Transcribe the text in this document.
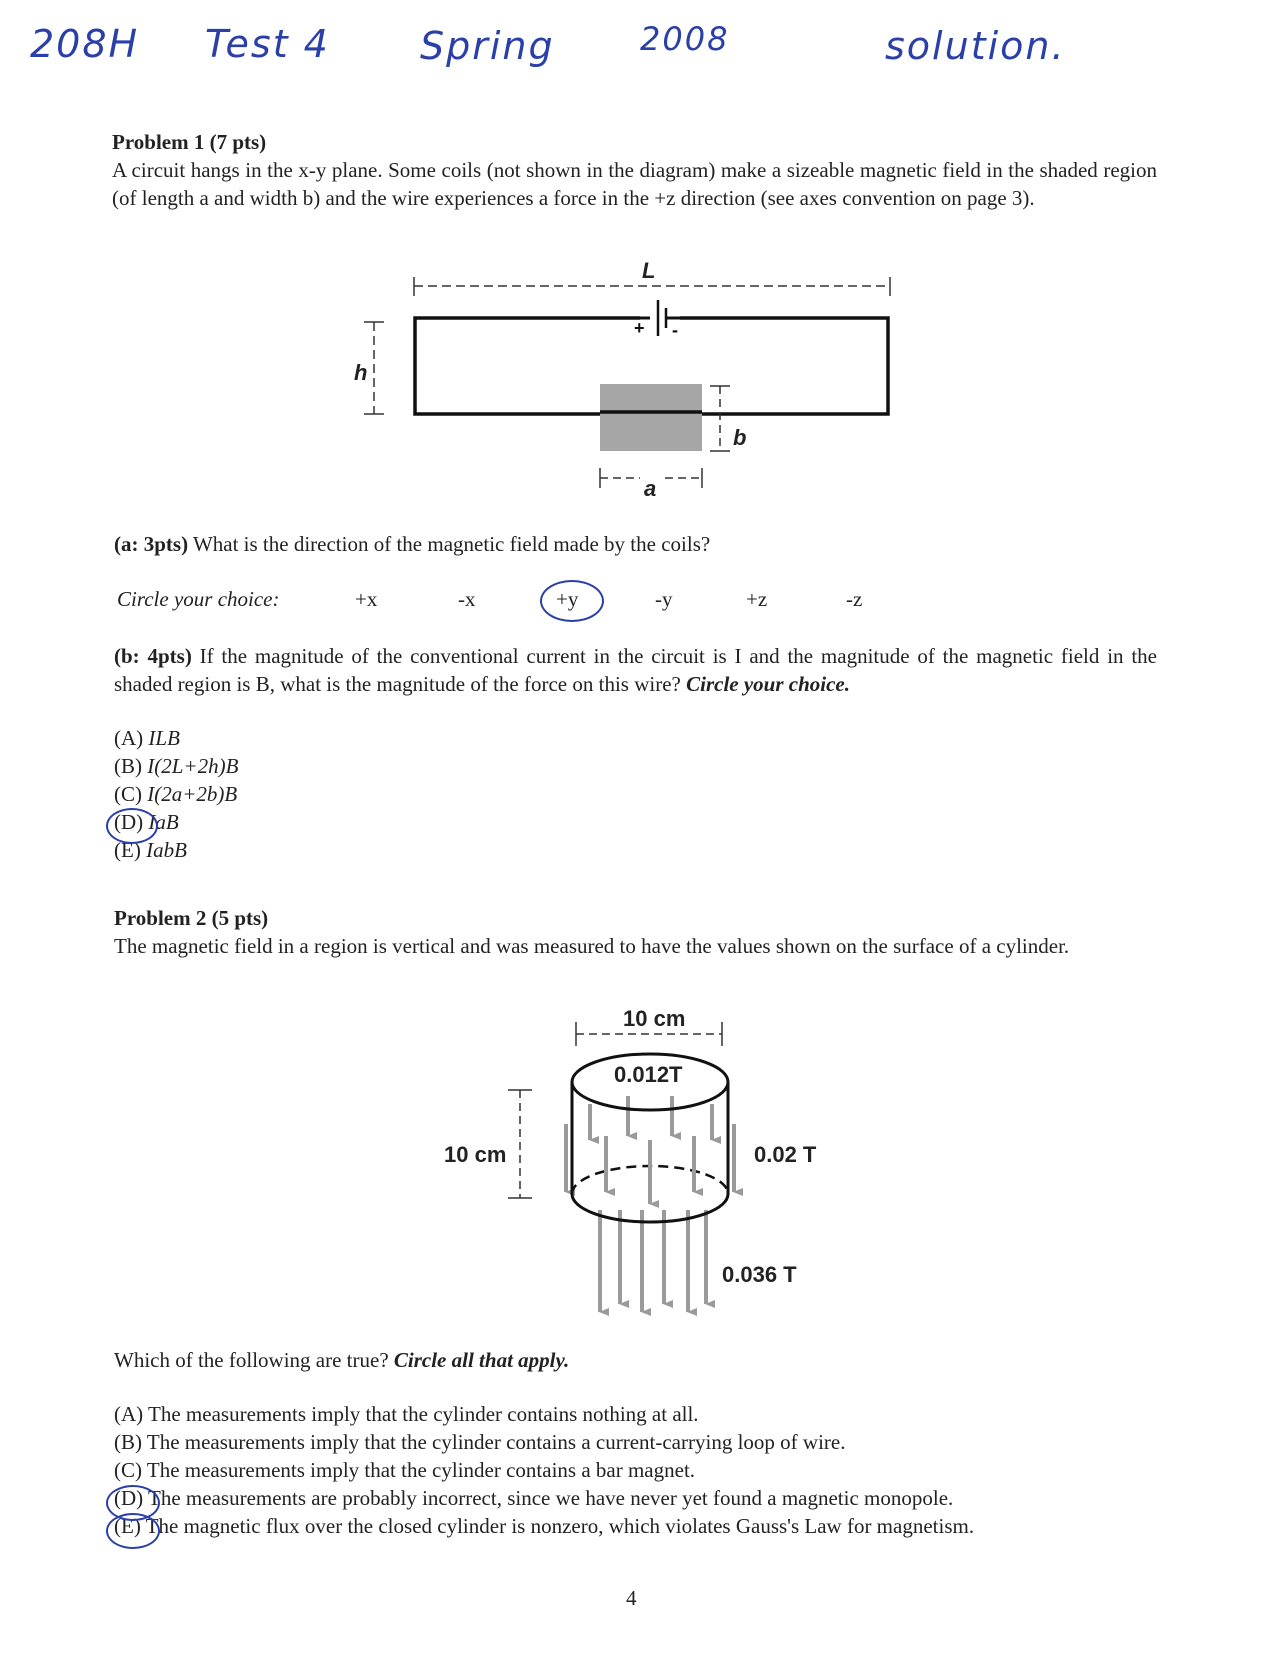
208H Test 4 Spring	2008	solution.
Problem 1 (7 pts)
A circuit hangs in the x-y plane. Some coils (not shown in the diagram) make a sizeable magnetic field in the shaded region (of length a and width b) and the wire experiences a force in the +z direction (see axes convention on page 3).
L
+ -
h
b
a
(a: 3pts) What is the direction of the magnetic field made by the coils?
Circle your choice:	+x	-x	+y	-y	+z	-z
(b: 4pts) If the magnitude of the conventional current in the circuit is I and the magnitude of the magnetic field in the shaded region is B, what is the magnitude of the force on this wire? Circle your choice.
(A) ILB
(B) I(2L+2h)B
(C) I(2a+2b)B
(D) IaB
(E) IabB
Problem 2 (5 pts)
The magnetic field in a region is vertical and was measured to have the values shown on the surface of a cylinder.
10 cm
10 cm
0.012T
0.02 T
0.036 T
Which of the following are true? Circle all that apply.
(A) The measurements imply that the cylinder contains nothing at all.
(B) The measurements imply that the cylinder contains a current-carrying loop of wire.
(C) The measurements imply that the cylinder contains a bar magnet.
(D) The measurements are probably incorrect, since we have never yet found a magnetic monopole.
(E) The magnetic flux over the closed cylinder is nonzero, which violates Gauss's Law for magnetism.
4
